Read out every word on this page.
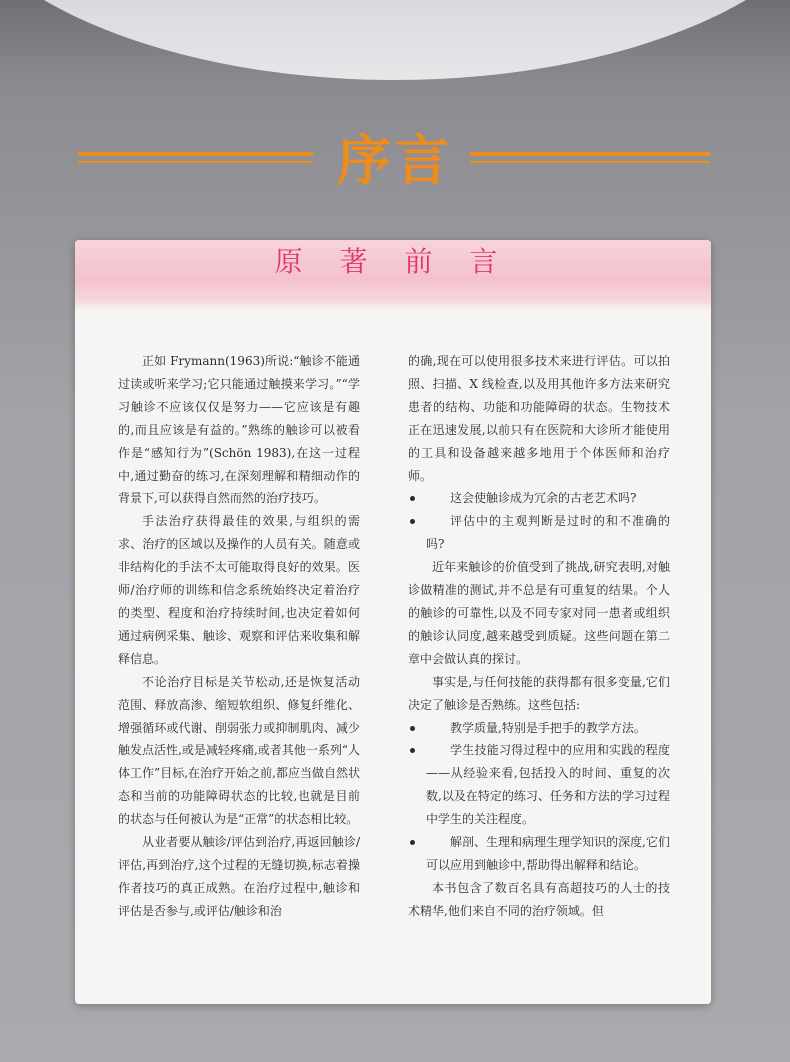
序言
原 著 前 言

正如 Frymann(1963)所说:“触诊不能通过读或听来学习;它只能通过触摸来学习。”“学习触诊不应该仅仅是努力——它应该是有趣的,而且应该是有益的。”熟练的触诊可以被看作是“感知行为”(Schön 1983),在这一过程中,通过勤奋的练习,在深刻理解和精细动作的背景下,可以获得自然而然的治疗技巧。

手法治疗获得最佳的效果,与组织的需求、治疗的区域以及操作的人员有关。随意或非结构化的手法不太可能取得良好的效果。医师/治疗师的训练和信念系统始终决定着治疗的类型、程度和治疗持续时间,也决定着如何通过病例采集、触诊、观察和评估来收集和解释信息。

不论治疗目标是关节松动,还是恢复活动范围、释放高渗、缩短软组织、修复纤维化、增强循环或代谢、削弱张力或抑制肌肉、减少触发点活性,或是减轻疼痛,或者其他一系列“人体工作”目标,在治疗开始之前,都应当做自然状态和当前的功能障碍状态的比较,也就是目前的状态与任何被认为是“正常”的状态相比较。

从业者要从触诊/评估到治疗,再返回触诊/评估,再到治疗,这个过程的无缝切换,标志着操作者技巧的真正成熟。在治疗过程中,触诊和评估是否参与,或评估/触诊和治

的确,现在可以使用很多技术来进行评估。可以拍照、扫描、X 线检查,以及用其他许多方法来研究患者的结构、功能和功能障碍的状态。生物技术正在迅速发展,以前只有在医院和大诊所才能使用的工具和设备越来越多地用于个体医师和治疗师。

这会使触诊成为冗余的古老艺术吗?

评估中的主观判断是过时的和不准确的吗?

近年来触诊的价值受到了挑战,研究表明,对触诊做精准的测试,并不总是有可重复的结果。个人的触诊的可靠性,以及不同专家对同一患者或组织的触诊认同度,越来越受到质疑。这些问题在第二章中会做认真的探讨。

事实是,与任何技能的获得都有很多变量,它们决定了触诊是否熟练。这些包括:

教学质量,特别是手把手的教学方法。

学生技能习得过程中的应用和实践的程度——从经验来看,包括投入的时间、重复的次数,以及在特定的练习、任务和方法的学习过程中学生的关注程度。

解剖、生理和病理生理学知识的深度,它们可以应用到触诊中,帮助得出解释和结论。

本书包含了数百名具有高超技巧的人士的技术精华,他们来自不同的治疗领域。但
